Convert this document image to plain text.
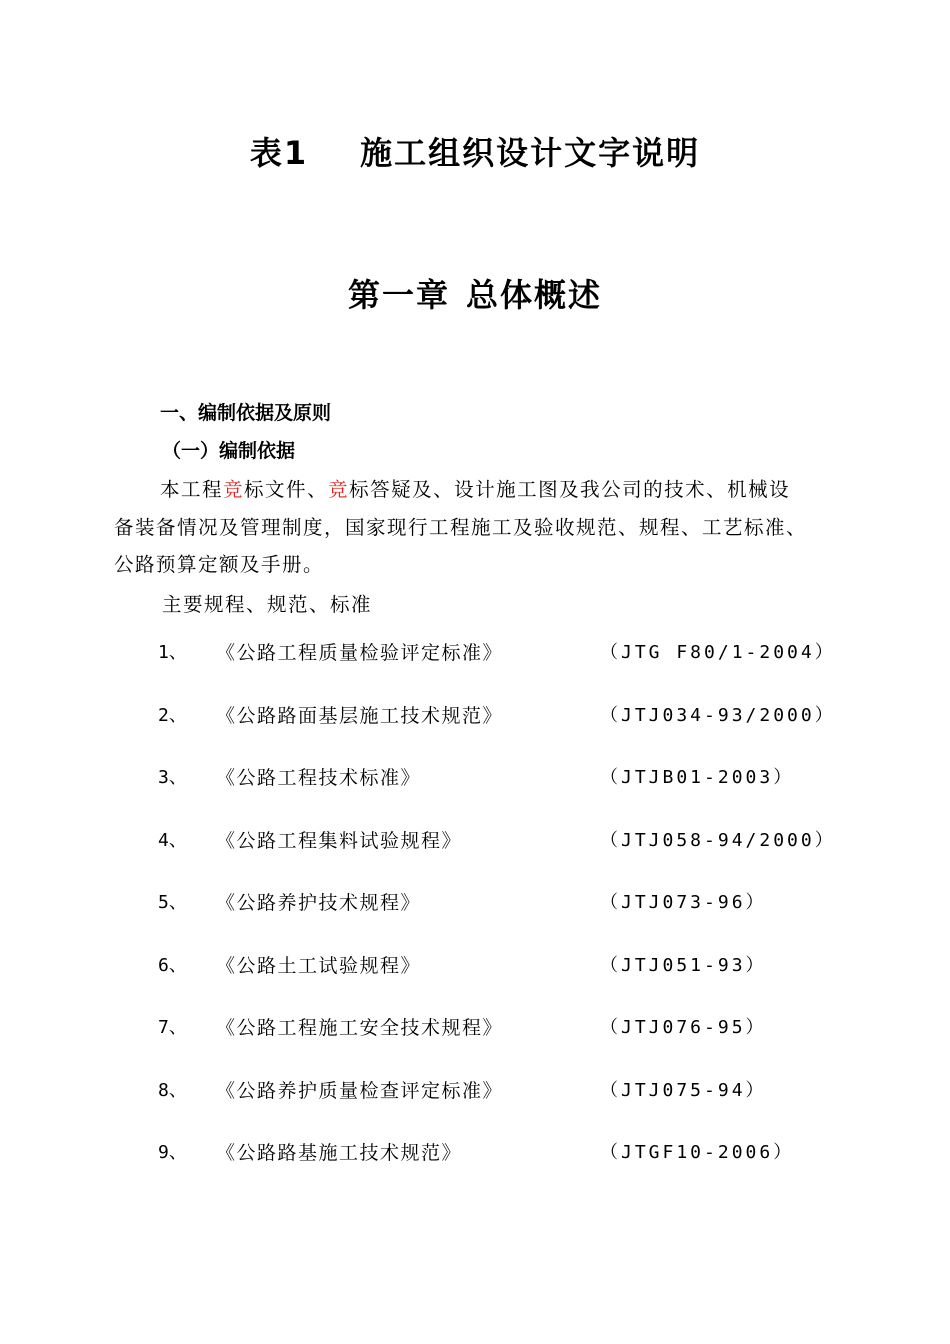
表1 施工组织设计文字说明
第一章 总体概述
一、编制依据及原则
（一）编制依据
本工程竞标文件、竞标答疑及、设计施工图及我公司的技术、机械设
备装备情况及管理制度，国家现行工程施工及验收规范、规程、工艺标准、
公路预算定额及手册。
主要规程、规范、标准
1、 《公路工程质量检验评定标准》	（JTG F80/1-2004）
2、 《公路路面基层施工技术规范》	（JTJ034-93/2000）
3、 《公路工程技术标准》	（JTJB01-2003）
4、 《公路工程集料试验规程》	（JTJ058-94/2000）
5、 《公路养护技术规程》	（JTJ073-96）
6、 《公路土工试验规程》	（JTJ051-93）
7、 《公路工程施工安全技术规程》	（JTJ076-95）
8、 《公路养护质量检查评定标准》	（JTJ075-94）
9、 《公路路基施工技术规范》	（JTGF10-2006）
